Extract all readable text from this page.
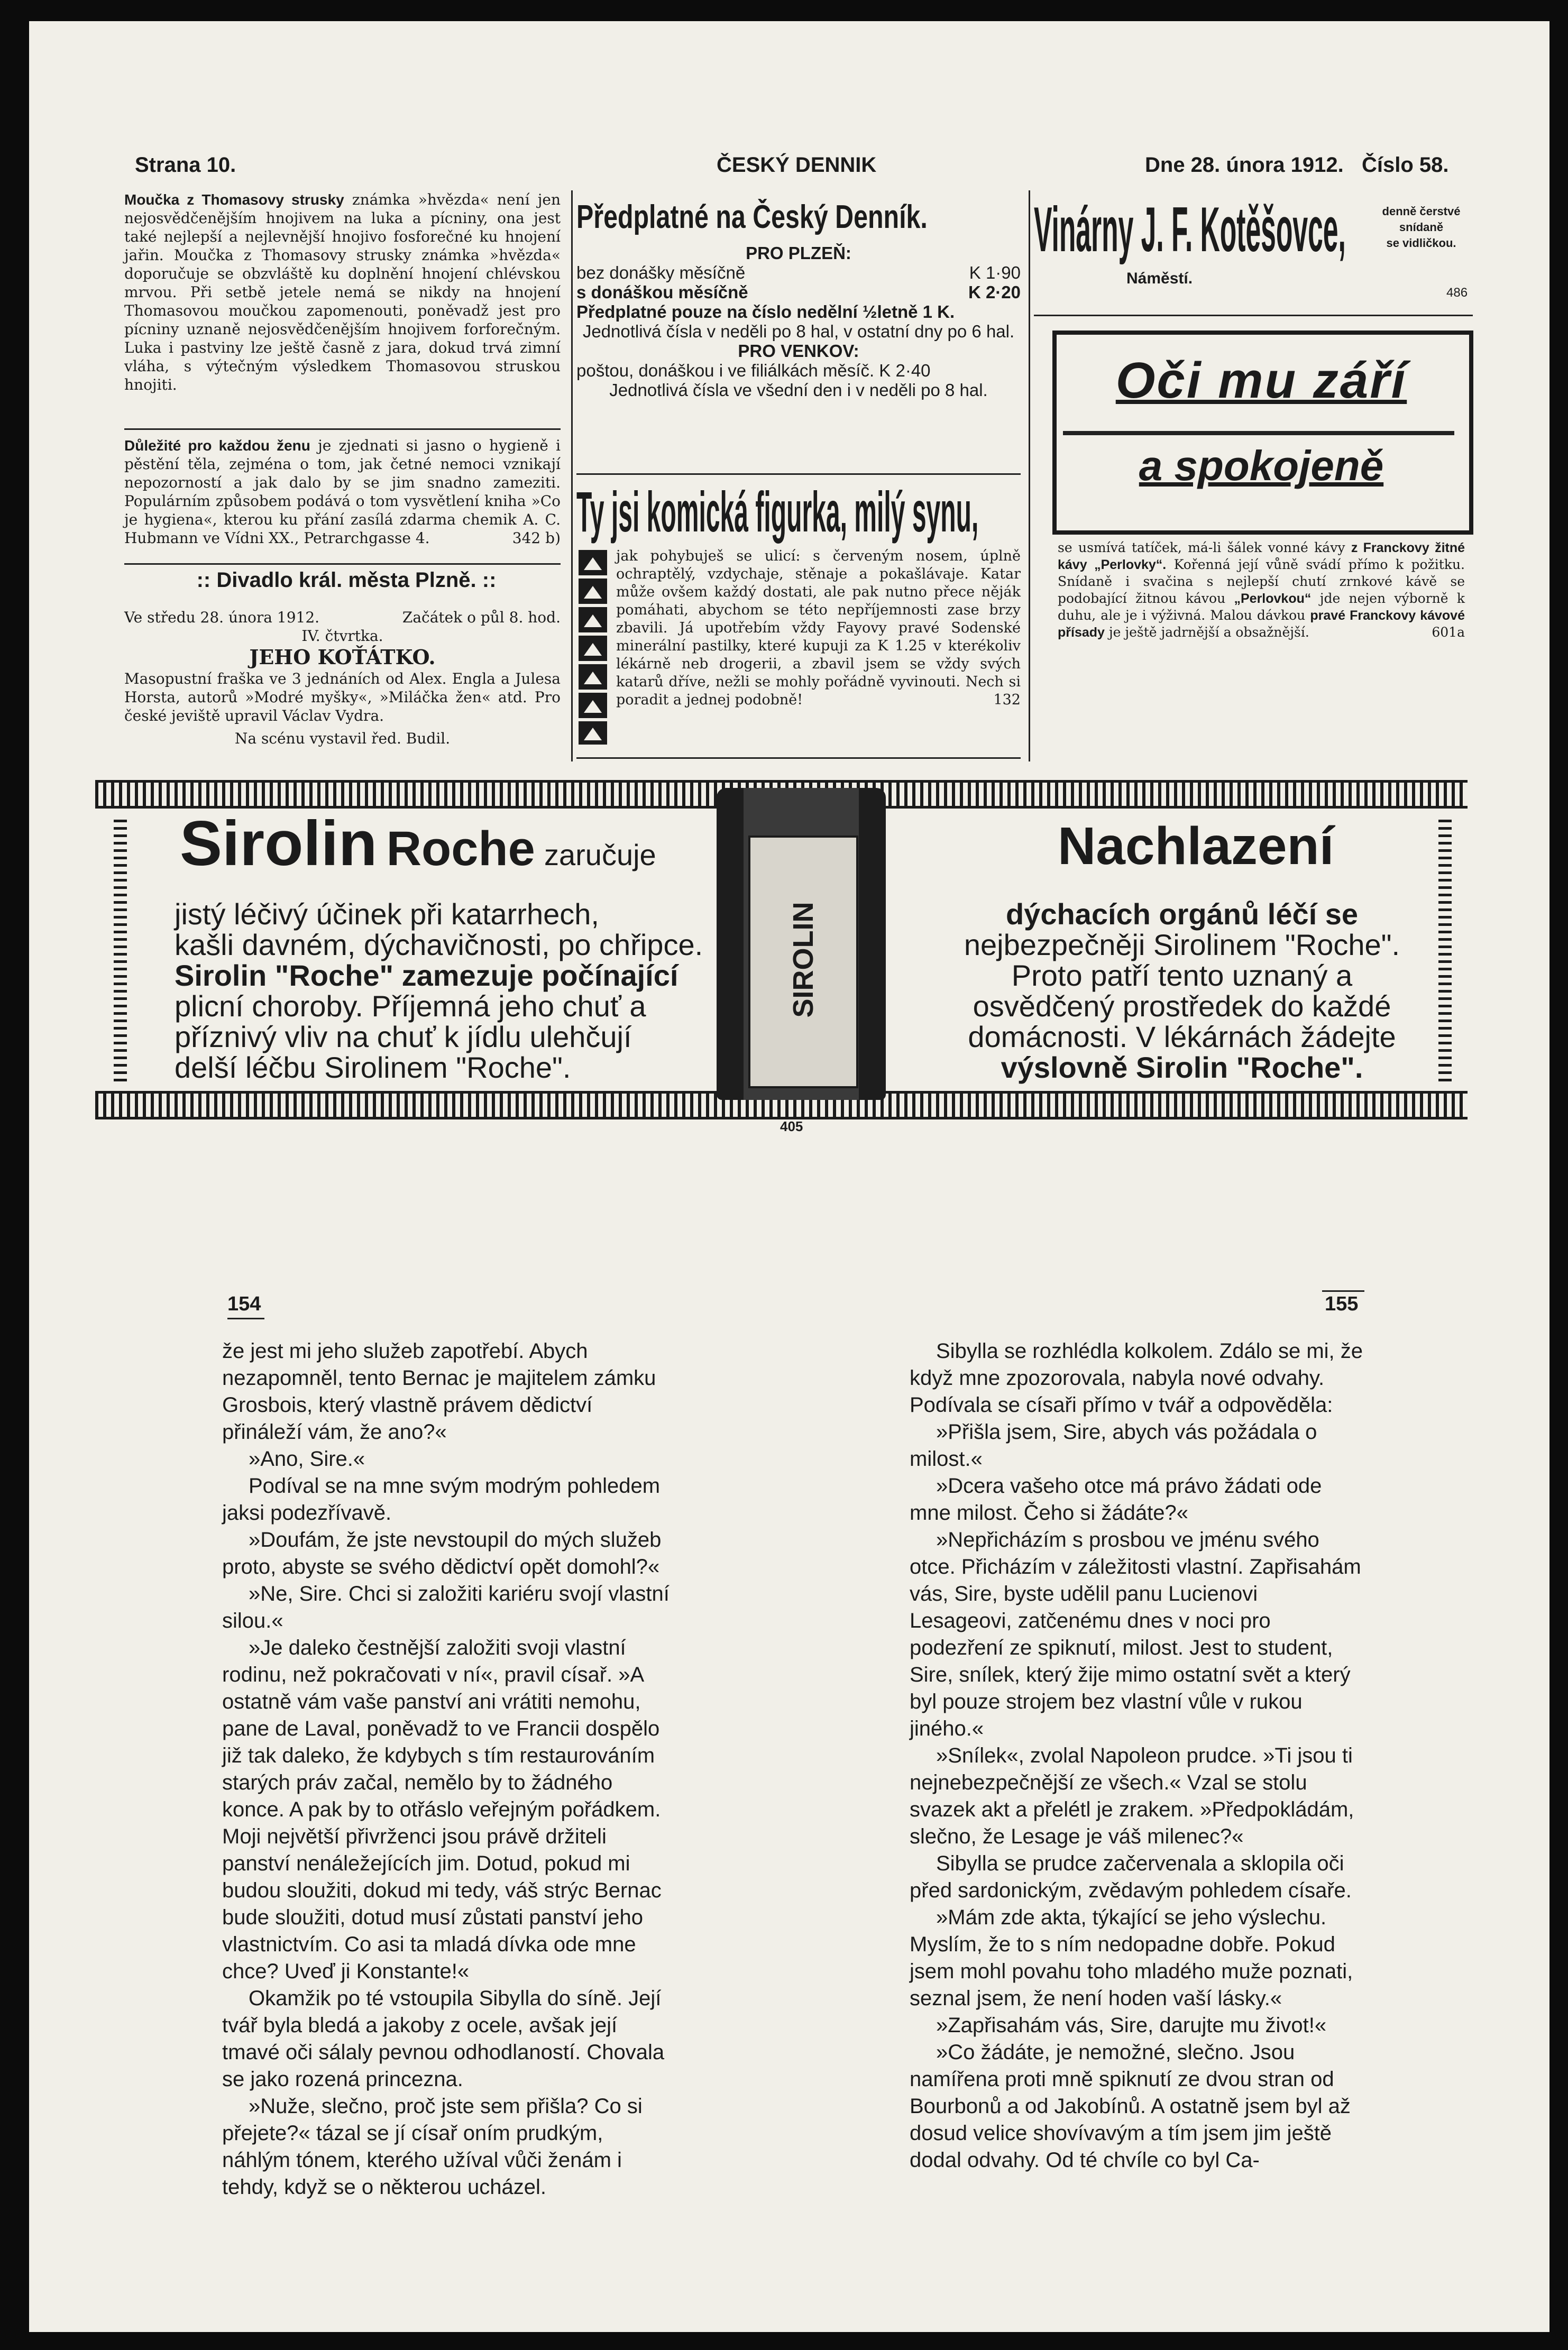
Strana 10.	ČESKÝ DENNIK	Dne 28. února 1912. Číslo 58.

Moučka z Thomasovy strusky známka »hvězda« není jen nejosvědčenějším hnojivem na luka a pícniny, ona jest také nejlepší a nejlevnější hnojivo fosforečné ku hnojení jařin. Moučka z Thomasovy strusky známka »hvězda« doporučuje se obzvláště ku doplnění hnojení chlévskou mrvou. Při setbě jetele nemá se nikdy na hnojení Thomasovou moučkou zapomenouti, poněvadž jest pro pícniny uznaně nejosvědčenějším hnojivem forforečným. Luka i pastviny lze ještě časně z jara, dokud trvá zimní vláha, s výtečným výsledkem Thomasovou struskou hnojiti.

Důležité pro každou ženu je zjednati si jasno o hygieně i pěstění těla, zejména o tom, jak četné nemoci vznikají nepozorností a jak dalo by se jim snadno zameziti. Populárním způsobem podává o tom vysvětlení kniha »Co je hygiena«, kterou ku přání zasílá zdarma chemik A. C. Hubmann ve Vídni XX., Petrarchgasse 4.	342 b)

:: Divadlo král. města Plzně. ::
Ve středu 28. února 1912.	Začátek o půl 8. hod.
IV. čtvrtka.
JEHO KOŤÁTKO.

Masopustní fraška ve 3 jednáních od Alex. Engla a Julesa Horsta, autorů »Modré myšky«, »Miláčka žen« atd. Pro české jeviště upravil Václav Vydra.

Na scénu vystavil řed. Budil.
Předplatné na Český Denník.
PRO PLZEŇ:
bez donášky měsíčně	K 1·90
s donáškou měsíčně	K 2·20
Předplatné pouze na číslo nedělní ½letně 1 K.
Jednotlivá čísla v neděli po 8 hal, v ostatní dny po 6 hal.
PRO VENKOV:
poštou, donáškou i ve filiálkách měsíč. K 2·40
Jednotlivá čísla ve všední den i v neděli po 8 hal.
Ty jsi komická figurka, milý synu,
jak pohybuješ se ulicí: s červeným nosem, úplně ochraptělý, vzdychaje, stěnaje a pokašlávaje. Katar může ovšem každý dostati, ale pak nutno přece něják pomáhati, abychom se této nepříjemnosti zase brzy zbavili. Já upotřebím vždy Fayovy pravé Sodenské minerální pastilky, které kupuji za K 1.25 v kterékoliv lékárně neb drogerii, a zbavil jsem se vždy svých katarů dříve, nežli se mohly pořádně vyvinouti. Nech si poradit a jednej podobně!	132
Vinárny J. F. Kotěšovce,
Náměstí.
denně čerstvé
snídaně
se vidličkou.
486
Oči mu září
a spokojeně
se usmívá tatíček, má-li šálek vonné kávy z Franckovy žitné kávy „Perlovky“. Kořenná její vůně svádí přímo k požitku. Snídaně i svačina s nejlepší chutí zrnkové kávě se podobající žitnou kávou „Perlovkou“ jde nejen výborně k duhu, ale je i výživná. Malou dávkou pravé Franckovy kávové přísady je ještě jadrnější a obsažnější.	601a
Sirolin Roche zaručuje
jistý léčivý účinek při katarrhech,
kašli davném, dýchavičnosti, po chřipce.
Sirolin "Roche" zamezuje počínající
plicní choroby. Příjemná jeho chuť a
příznivý vliv na chuť k jídlu ulehčují
delší léčbu Sirolinem "Roche".
SIROLIN
Nachlazení
dýchacích orgánů léčí se
nejbezpečněji Sirolinem "Roche".
Proto patří tento uznaný a
osvědčený prostředek do každé
domácnosti. V lékárnách žádejte
výslovně Sirolin "Roche".
405
154	155

že jest mi jeho služeb zapotřebí. Abych nezapomněl, tento Bernac je majitelem zámku Grosbois, který vlastně právem dědictví přináleží vám, že ano?«

»Ano, Sire.«

Podíval se na mne svým modrým pohledem jaksi podezřívavě.

»Doufám, že jste nevstoupil do mých služeb proto, abyste se svého dědictví opět domohl?«

»Ne, Sire. Chci si založiti kariéru svojí vlastní silou.«

»Je daleko čestnější založiti svoji vlastní rodinu, než pokračovati v ní«, pravil císař. »A ostatně vám vaše panství ani vrátiti nemohu, pane de Laval, poněvadž to ve Francii dospělo již tak daleko, že kdybych s tím restaurováním starých práv začal, nemělo by to žádného konce. A pak by to otřáslo veřejným pořádkem. Moji největší přivrženci jsou právě držiteli panství nenáležejících jim. Dotud, pokud mi budou sloužiti, dokud mi tedy, váš strýc Bernac bude sloužiti, dotud musí zůstati panství jeho vlastnictvím. Co asi ta mladá dívka ode mne chce? Uveď ji Konstante!«

Okamžik po té vstoupila Sibylla do síně. Její tvář byla bledá a jakoby z ocele, avšak její tmavé oči sálaly pevnou odhodlaností. Chovala se jako rozená princezna.

»Nuže, slečno, proč jste sem přišla? Co si přejete?« tázal se jí císař oním prudkým, náhlým tónem, kterého užíval vůči ženám i tehdy, když se o některou ucházel.

Sibylla se rozhlédla kolkolem. Zdálo se mi, že když mne zpozorovala, nabyla nové odvahy. Podívala se císaři přímo v tvář a odpověděla:

»Přišla jsem, Sire, abych vás požádala o milost.«

»Dcera vašeho otce má právo žádati ode mne milost. Čeho si žádáte?«

»Nepřicházím s prosbou ve jménu svého otce. Přicházím v záležitosti vlastní. Zapřisahám vás, Sire, byste udělil panu Lucienovi Lesageovi, zatčenému dnes v noci pro podezření ze spiknutí, milost. Jest to student, Sire, snílek, který žije mimo ostatní svět a který byl pouze strojem bez vlastní vůle v rukou jiného.«

»Snílek«, zvolal Napoleon prudce. »Ti jsou ti nejnebezpečnější ze všech.« Vzal se stolu svazek akt a přelétl je zrakem. »Předpokládám, slečno, že Lesage je váš milenec?«

Sibylla se prudce začervenala a sklopila oči před sardonickým, zvědavým pohledem císaře.

»Mám zde akta, týkající se jeho výslechu. Myslím, že to s ním nedopadne dobře. Pokud jsem mohl povahu toho mladého muže poznati, seznal jsem, že není hoden vaší lásky.«

»Zapřisahám vás, Sire, darujte mu život!«

»Co žádáte, je nemožné, slečno. Jsou namířena proti mně spiknutí ze dvou stran od Bourbonů a od Jakobínů. A ostatně jsem byl až dosud velice shovívavým a tím jsem jim ještě dodal odvahy. Od té chvíle co byl Ca-
